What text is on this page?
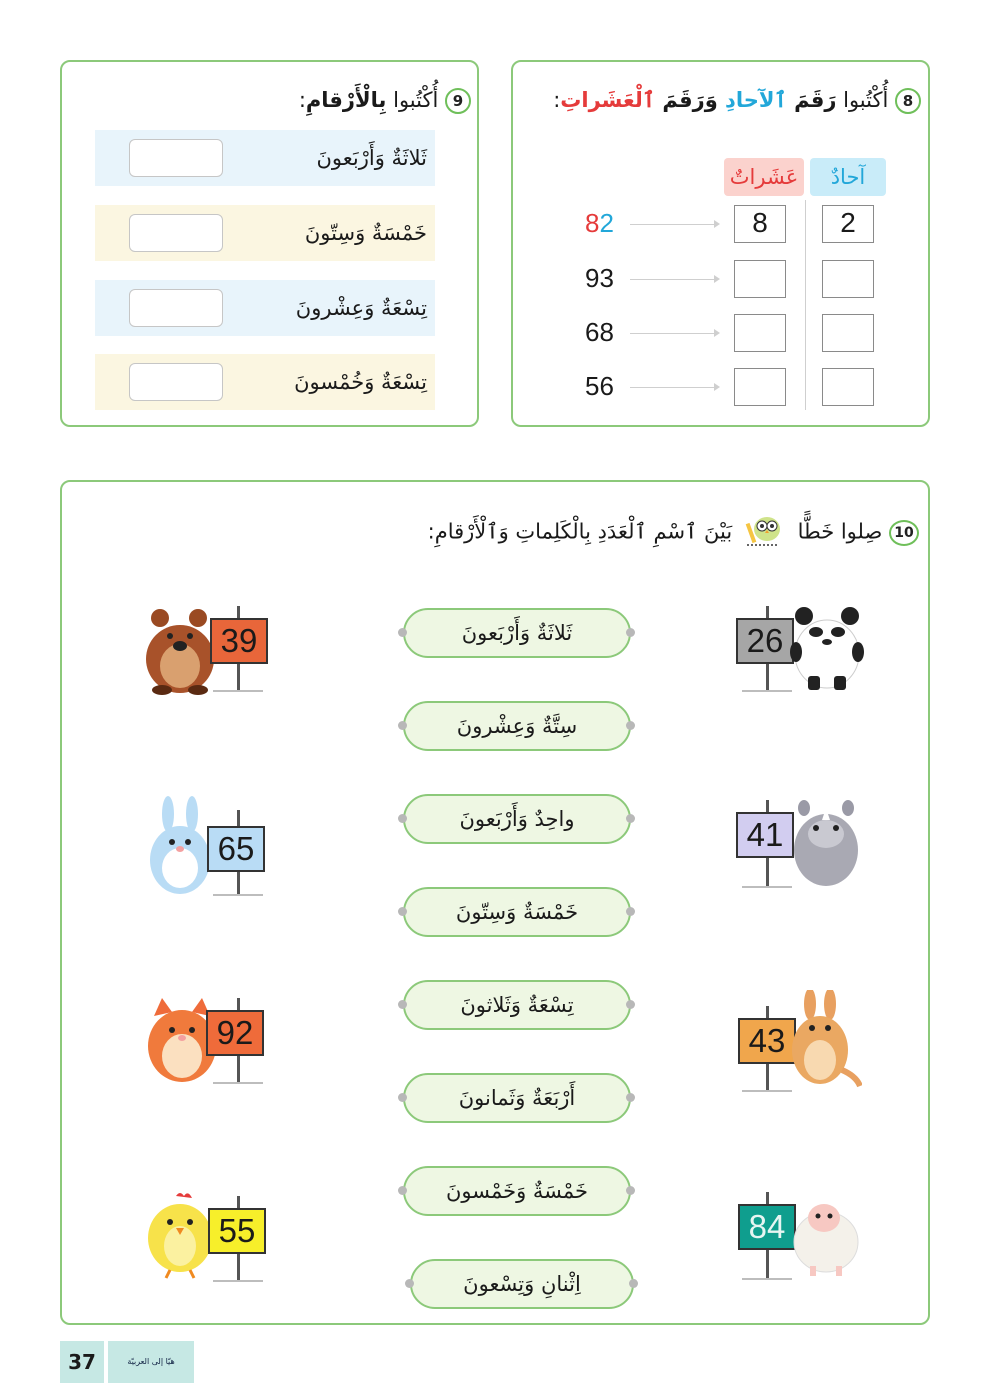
8 أُكْتُبوا رَقَمَ ٱلآحادِ وَرَقَمَ ٱلْعَشَراتِ:
آحادٌ
عَشَراتٌ
82	8	2
93
68
56
9 أُكْتُبوا بِالْأَرْقامِ:
ثَلاثَةٌ وَأَرْبَعونَ
خَمْسَةٌ وَسِتّونَ
تِسْعَةٌ وَعِشْرونَ
تِسْعَةٌ وَخُمْسونَ
10 صِلوا خَطًّا  بَيْنَ ٱسْمِ ٱلْعَدَدِ بِالْكَلِماتِ وَٱلْأَرْقامِ:
ثَلاثَةٌ وَأَرْبَعونَ
سِتَّةٌ وَعِشْرونَ
واحِدٌ وَأَرْبَعونَ
خَمْسَةٌ وَسِتّونَ
تِسْعَةٌ وَثَلاثونَ
أَرْبَعَةٌ وَثَمانونَ
خَمْسَةٌ وَخَمْسونَ
اِثْنانِ وَتِسْعونَ
39
65
92
55
26
41
43
84
37	هيّا إلى العربيّة
